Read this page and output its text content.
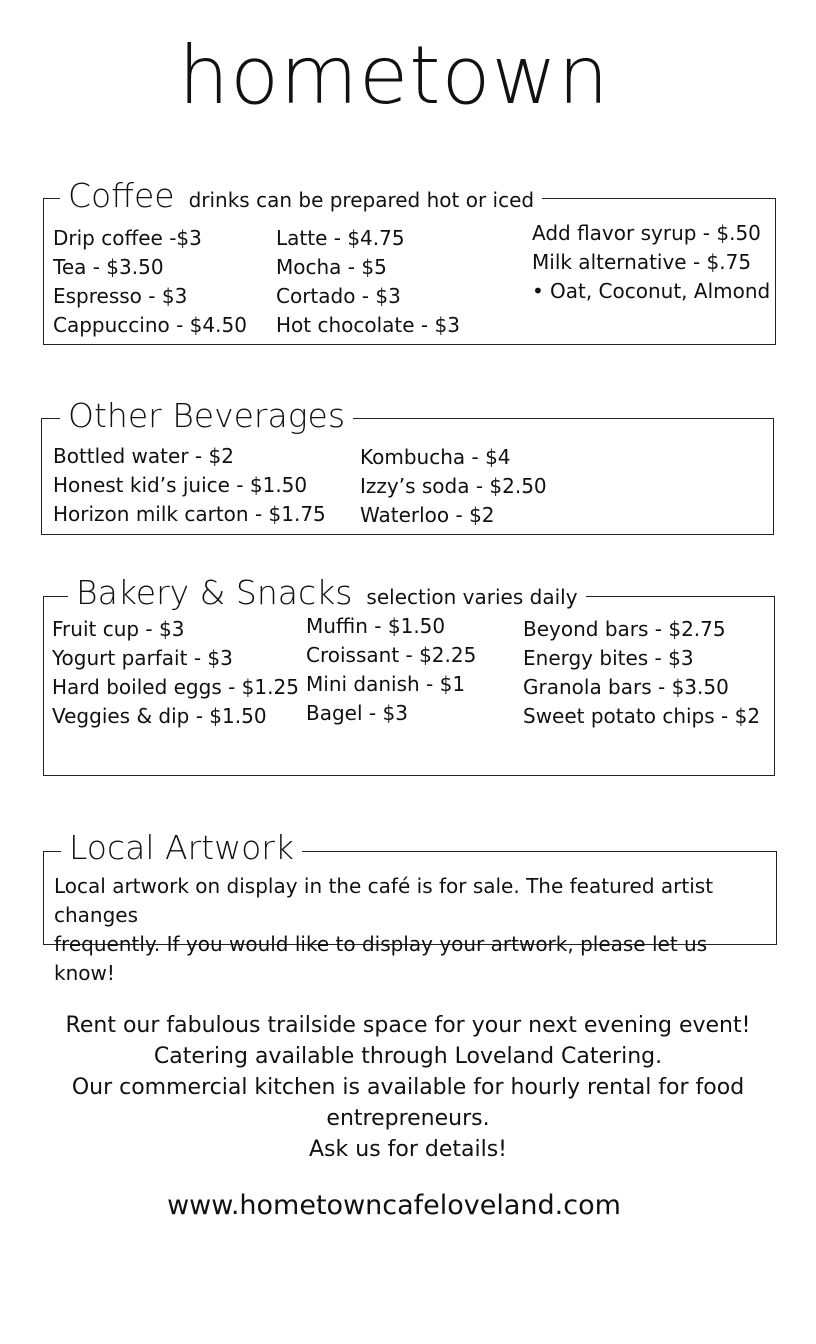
hometown
Coffee drinks can be prepared hot or iced
Drip coffee -$3
Tea - $3.50
Espresso - $3
Cappuccino - $4.50
Latte - $4.75
Mocha - $5
Cortado - $3
Hot chocolate - $3
Add flavor syrup - $.50
Milk alternative - $.75
• Oat, Coconut, Almond
Other Beverages
Bottled water - $2
Honest kid’s juice - $1.50
Horizon milk carton - $1.75
Kombucha - $4
Izzy’s soda - $2.50
Waterloo - $2
Bakery & Snacks selection varies daily
Fruit cup - $3
Yogurt parfait - $3
Hard boiled eggs - $1.25
Veggies & dip - $1.50
Muffin - $1.50
Croissant - $2.25
Mini danish - $1
Bagel - $3
Beyond bars - $2.75
Energy bites - $3
Granola bars - $3.50
Sweet potato chips - $2
Local Artwork
Local artwork on display in the café is for sale. The featured artist changes
frequently. If you would like to display your artwork, please let us know!
Rent our fabulous trailside space for your next evening event!
Catering available through Loveland Catering.
Our commercial kitchen is available for hourly rental for food entrepreneurs.
Ask us for details!
www.hometowncafeloveland.com
